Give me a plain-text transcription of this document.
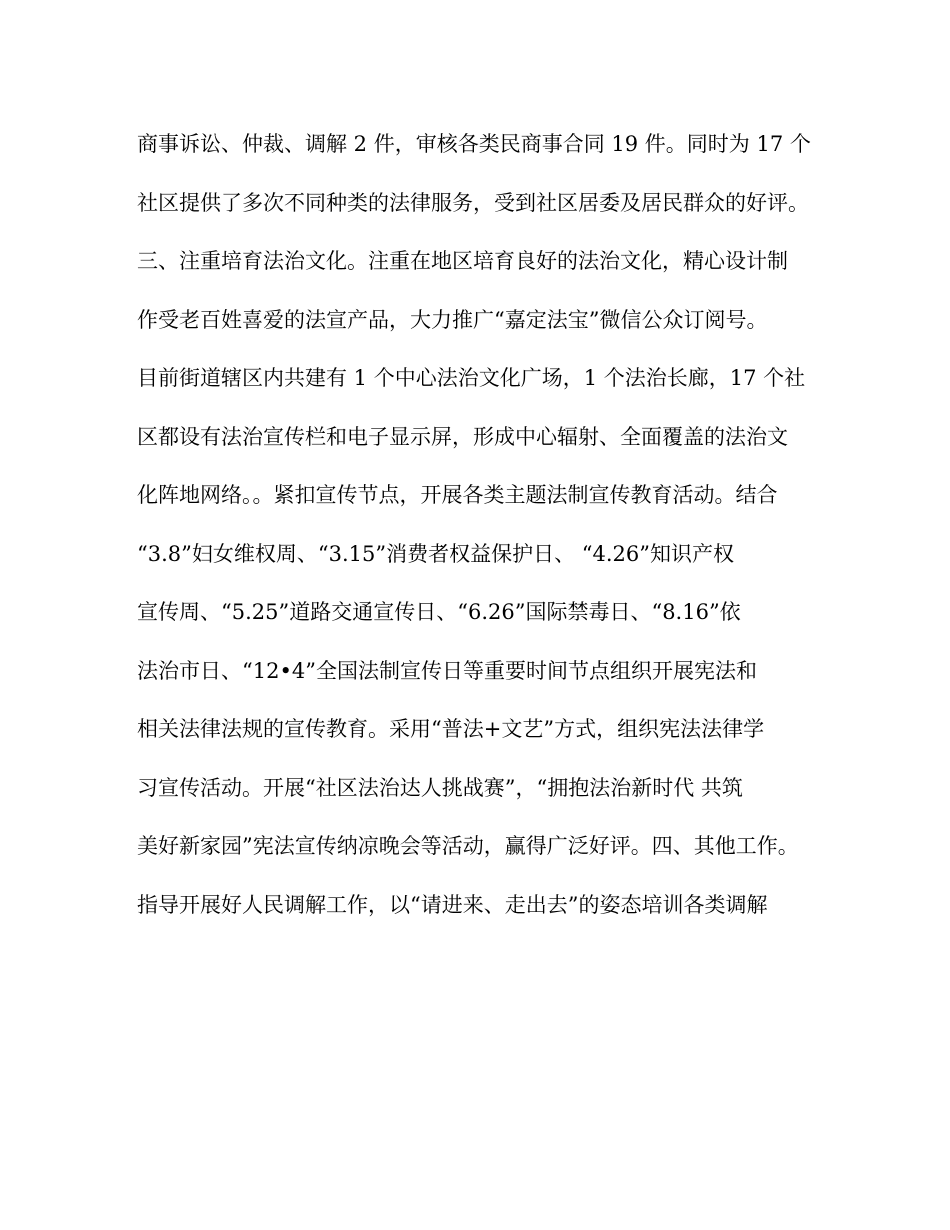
商事诉讼、仲裁、调解 2 件，审核各类民商事合同 19 件。同时为 17 个
社区提供了多次不同种类的法律服务，受到社区居委及居民群众的好评。
三、注重培育法治文化。注重在地区培育良好的法治文化，精心设计制
作受老百姓喜爱的法宣产品，大力推广“嘉定法宝”微信公众订阅号。
目前街道辖区内共建有 1 个中心法治文化广场，1 个法治长廊，17 个社
区都设有法治宣传栏和电子显示屏，形成中心辐射、全面覆盖的法治文
化阵地网络。。紧扣宣传节点，开展各类主题法制宣传教育活动。结合
“3.8”妇女维权周、“3.15”消费者权益保护日、 “4.26”知识产权
宣传周、“5.25”道路交通宣传日、“6.26”国际禁毒日、“8.16”依
法治市日、“12•4”全国法制宣传日等重要时间节点组织开展宪法和
相关法律法规的宣传教育。采用“普法+文艺”方式，组织宪法法律学
习宣传活动。开展“社区法治达人挑战赛”，“拥抱法治新时代 共筑
美好新家园”宪法宣传纳凉晚会等活动，赢得广泛好评。四、其他工作。
指导开展好人民调解工作，以“请进来、走出去”的姿态培训各类调解
